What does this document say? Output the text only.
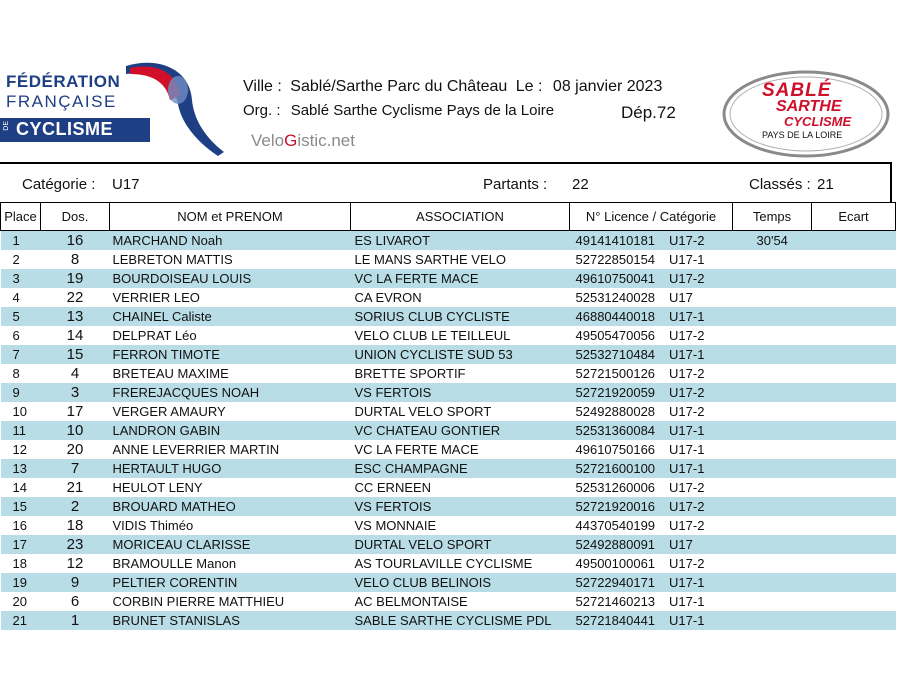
FÉDÉRATION
FRANÇAISE
DE CYCLISME
Ville : Sablé/Sarthe Parc du Château Le : 08 janvier 2023
Org. : Sablé Sarthe Cyclisme Pays de la Loire	Dép.72
VeloGistic.net
SABLÉ
SARTHE
CYCLISME
PAYS DE LA LOIRE
Catégorie : U17	Partants : 22	Classés : 21
Place	Dos.	NOM et PRENOM	ASSOCIATION	N° Licence / Catégorie	Temps	Ecart
1	16	MARCHAND Noah	ES LIVAROT	49141410181 U17-2	30'54	
2	8	LEBRETON MATTIS	LE MANS SARTHE VELO	52722850154 U17-1		
3	19	BOURDOISEAU LOUIS	VC LA FERTE MACE	49610750041 U17-2		
4	22	VERRIER LEO	CA EVRON	52531240028 U17		
5	13	CHAINEL Caliste	SORIUS CLUB CYCLISTE	46880440018 U17-1		
6	14	DELPRAT Léo	VELO CLUB LE TEILLEUL	49505470056 U17-2		
7	15	FERRON TIMOTE	UNION CYCLISTE SUD 53	52532710484 U17-1		
8	4	BRETEAU MAXIME	BRETTE SPORTIF	52721500126 U17-2		
9	3	FREREJACQUES NOAH	VS FERTOIS	52721920059 U17-2		
10	17	VERGER AMAURY	DURTAL VELO SPORT	52492880028 U17-2		
11	10	LANDRON GABIN	VC CHATEAU GONTIER	52531360084 U17-1		
12	20	ANNE LEVERRIER MARTIN	VC LA FERTE MACE	49610750166 U17-1		
13	7	HERTAULT HUGO	ESC CHAMPAGNE	52721600100 U17-1		
14	21	HEULOT LENY	CC ERNEEN	52531260006 U17-2		
15	2	BROUARD MATHEO	VS FERTOIS	52721920016 U17-2		
16	18	VIDIS Thiméo	VS MONNAIE	44370540199 U17-2		
17	23	MORICEAU CLARISSE	DURTAL VELO SPORT	52492880091 U17		
18	12	BRAMOULLE Manon	AS TOURLAVILLE CYCLISME	49500100061 U17-2		
19	9	PELTIER CORENTIN	VELO CLUB BELINOIS	52722940171 U17-1		
20	6	CORBIN PIERRE MATTHIEU	AC BELMONTAISE	52721460213 U17-1		
21	1	BRUNET STANISLAS	SABLE SARTHE CYCLISME PDL	52721840441 U17-1		
